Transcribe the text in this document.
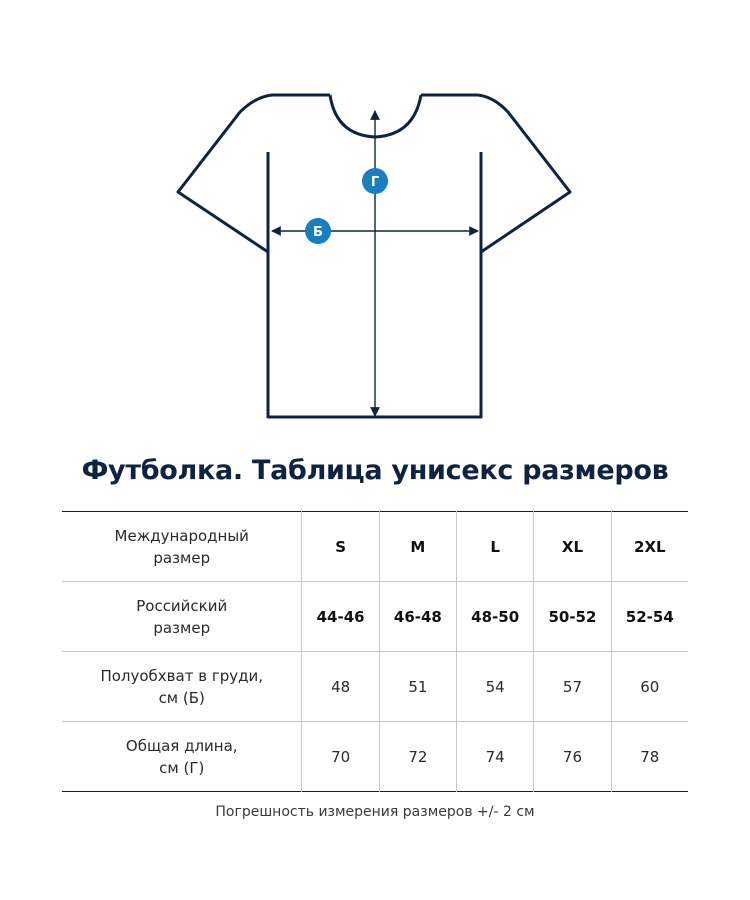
Г
Б
Футболка. Таблица унисекс размеров
Международный
размер	S	M	L	XL	2XL
Российский
размер	44-46	46-48	48-50	50-52	52-54
Полуобхват в груди,
см (Б)	48	51	54	57	60
Общая длина,
см (Г)	70	72	74	76	78
Погрешность измерения размеров +/- 2 см
